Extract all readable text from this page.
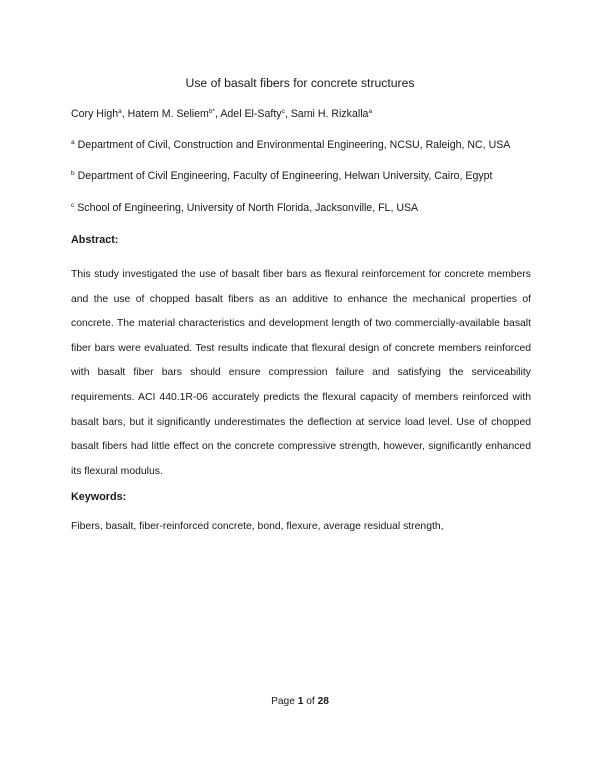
Use of basalt fibers for concrete structures
Cory High$^a$, Hatem M. Seliem$^{b*}$, Adel El-Safty$^c$, Sami H. Rizkalla$^a$
$^a$ Department of Civil, Construction and Environmental Engineering, NCSU, Raleigh, NC, USA
$^b$ Department of Civil Engineering, Faculty of Engineering, Helwan University, Cairo, Egypt
$^c$ School of Engineering, University of North Florida, Jacksonville, FL, USA
Abstract:

This study investigated the use of basalt fiber bars as flexural reinforcement for concrete members and the use of chopped basalt fibers as an additive to enhance the mechanical properties of concrete. The material characteristics and development length of two commercially-available basalt fiber bars were evaluated. Test results indicate that flexural design of concrete members reinforced with basalt fiber bars should ensure compression failure and satisfying the serviceability requirements. ACI 440.1R-06 accurately predicts the flexural capacity of members reinforced with basalt bars, but it significantly underestimates the deflection at service load level. Use of chopped basalt fibers had little effect on the concrete compressive strength, however, significantly enhanced its flexural modulus.

Keywords:
Fibers, basalt, fiber-reinforced concrete, bond, flexure, average residual strength,
Page 1 of 28
